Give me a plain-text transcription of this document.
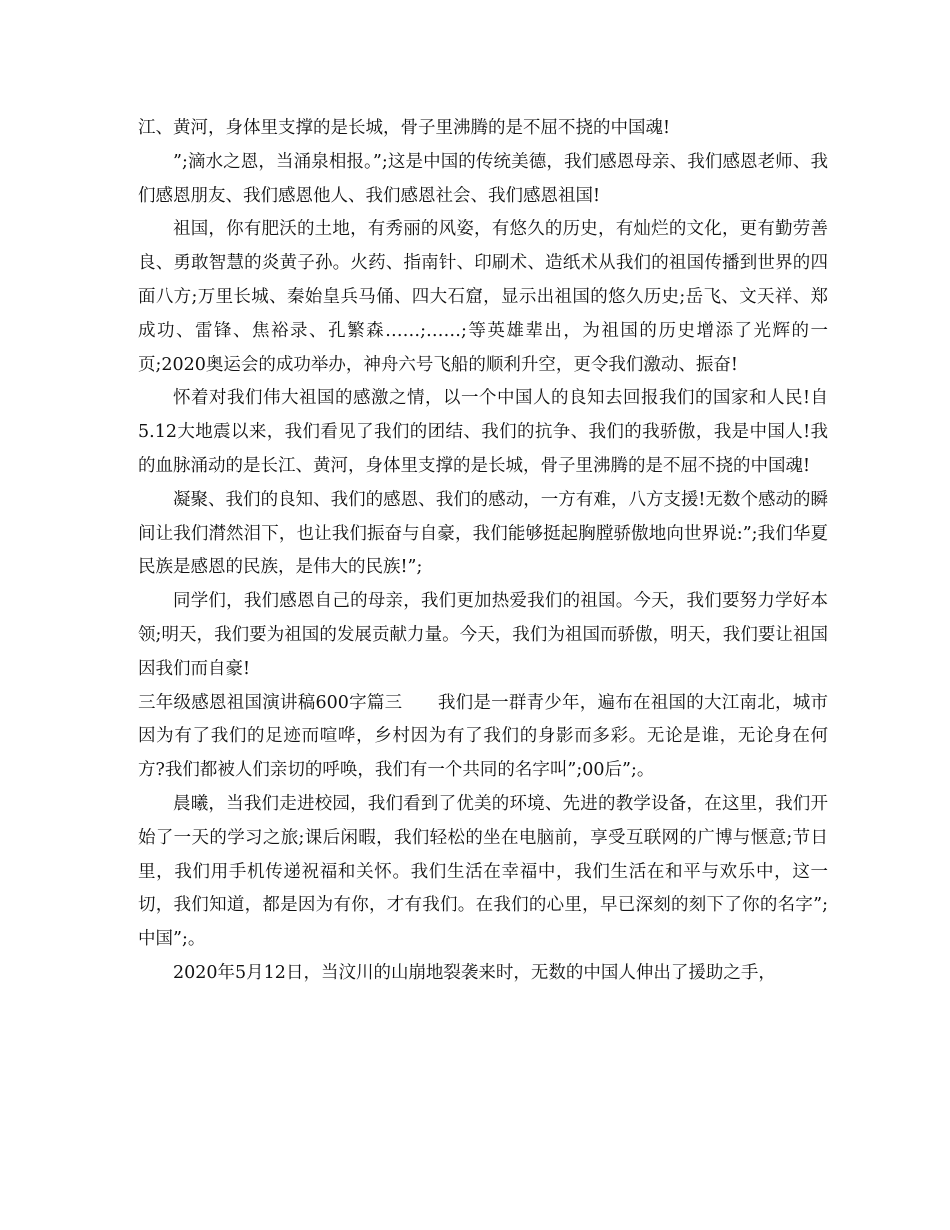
江、黄河，身体里支撑的是长城，骨子里沸腾的是不屈不挠的中国魂!

”;滴水之恩，当涌泉相报。”;这是中国的传统美德，我们感恩母亲、我们感恩老师、我们感恩朋友、我们感恩他人、我们感恩社会、我们感恩祖国!

祖国，你有肥沃的土地，有秀丽的风姿，有悠久的历史，有灿烂的文化，更有勤劳善良、勇敢智慧的炎黄子孙。火药、指南针、印刷术、造纸术从我们的祖国传播到世界的四面八方;万里长城、秦始皇兵马俑、四大石窟，显示出祖国的悠久历史;岳飞、文天祥、郑成功、雷锋、焦裕录、孔繁森……;……;等英雄辈出，为祖国的历史增添了光辉的一页;2020奥运会的成功举办，神舟六号飞船的顺利升空，更令我们激动、振奋!

怀着对我们伟大祖国的感激之情，以一个中国人的良知去回报我们的国家和人民!自5.12大地震以来，我们看见了我们的团结、我们的抗争、我们的我骄傲，我是中国人!我的血脉涌动的是长江、黄河，身体里支撑的是长城，骨子里沸腾的是不屈不挠的中国魂!

凝聚、我们的良知、我们的感恩、我们的感动，一方有难，八方支援!无数个感动的瞬间让我们潸然泪下，也让我们振奋与自豪，我们能够挺起胸膛骄傲地向世界说:”;我们华夏民族是感恩的民族，是伟大的民族!”;

同学们，我们感恩自己的母亲，我们更加热爱我们的祖国。今天，我们要努力学好本领;明天，我们要为祖国的发展贡献力量。今天，我们为祖国而骄傲，明天，我们要让祖国因我们而自豪!

三年级感恩祖国演讲稿600字篇三　　我们是一群青少年，遍布在祖国的大江南北，城市因为有了我们的足迹而喧哗，乡村因为有了我们的身影而多彩。无论是谁，无论身在何方?我们都被人们亲切的呼唤，我们有一个共同的名字叫”;00后”;。

晨曦，当我们走进校园，我们看到了优美的环境、先进的教学设备，在这里，我们开始了一天的学习之旅;课后闲暇，我们轻松的坐在电脑前，享受互联网的广博与惬意;节日里，我们用手机传递祝福和关怀。我们生活在幸福中，我们生活在和平与欢乐中，这一切，我们知道，都是因为有你，才有我们。在我们的心里，早已深刻的刻下了你的名字”;中国”;。

2020年5月12日，当汶川的山崩地裂袭来时，无数的中国人伸出了援助之手，
